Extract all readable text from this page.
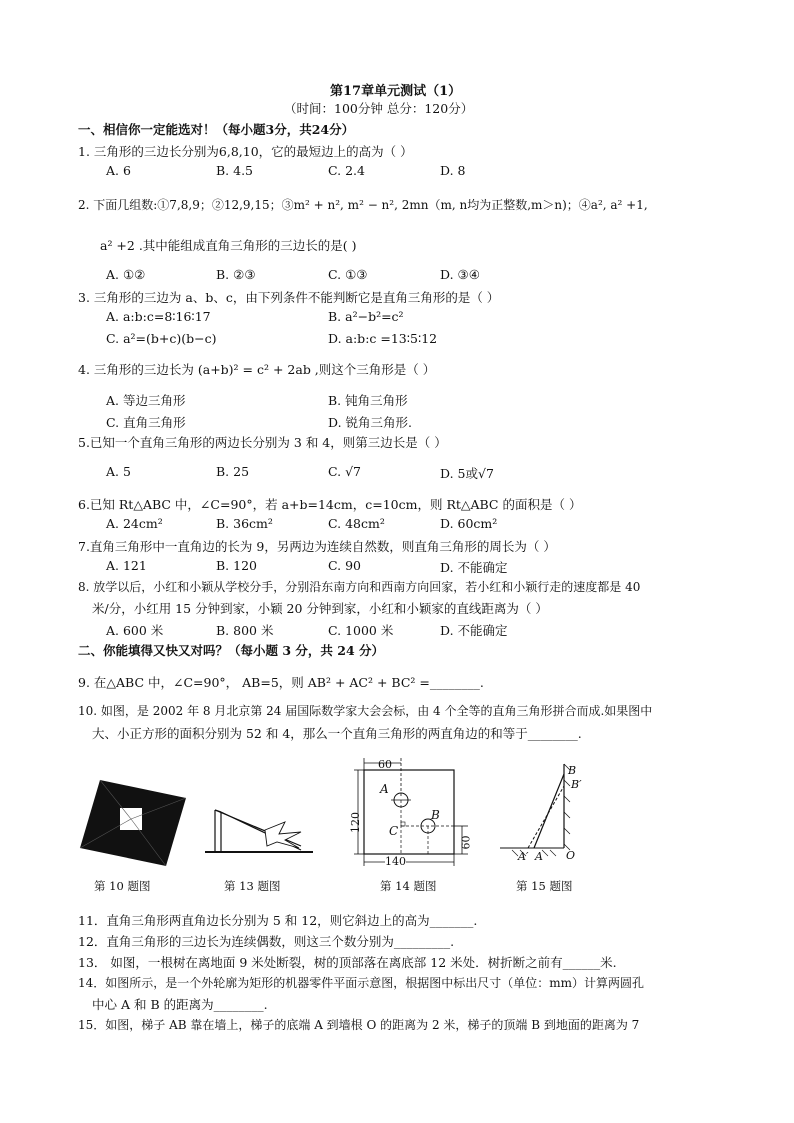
第17章单元测试（1）
（时间：100分钟 总分：120分）
一、相信你一定能选对！（每小题3分，共24分）
1. 三角形的三边长分别为6,8,10，它的最短边上的高为（ ）
A. 6	B. 4.5	C. 2.4	D. 8
2. 下面几组数:①7,8,9；②12,9,15；③m² + n², m² − n², 2mn（m, n均为正整数,m＞n)；④a², a² +1,
a² +2 .其中能组成直角三角形的三边长的是( )
A. ①②	B. ②③	C. ①③	D. ③④
3. 三角形的三边为 a、b、c，由下列条件不能判断它是直角三角形的是（ ）
A. a:b:c=8∶16∶17	B. a²−b²=c²
C. a²=(b+c)(b−c)	D. a:b:c =13∶5∶12
4. 三角形的三边长为 (a+b)² = c² + 2ab ,则这个三角形是（ ）
A. 等边三角形	B. 钝角三角形
C. 直角三角形	D. 锐角三角形.
5.已知一个直角三角形的两边长分别为 3 和 4，则第三边长是（ ）
A. 5	B. 25	C. √7	D. 5或√7
6.已知 Rt△ABC 中，∠C=90°，若 a+b=14cm，c=10cm，则 Rt△ABC 的面积是（ ）
A. 24cm²	B. 36cm²	C. 48cm²	D. 60cm²
7.直角三角形中一直角边的长为 9，另两边为连续自然数，则直角三角形的周长为（ ）
A. 121	B. 120	C. 90	D. 不能确定
8. 放学以后，小红和小颖从学校分手，分别沿东南方向和西南方向回家，若小红和小颖行走的速度都是 40
米/分，小红用 15 分钟到家，小颖 20 分钟到家，小红和小颖家的直线距离为（ ）
A. 600 米	B. 800 米	C. 1000 米	D. 不能确定
二、你能填得又快又对吗？（每小题 3 分，共 24 分）
9. 在△ABC 中，∠C=90°， AB=5，则 AB² + AC² + BC² =________.
10. 如图，是 2002 年 8 月北京第 24 届国际数学家大会会标，由 4 个全等的直角三角形拼合而成.如果图中
大、小正方形的面积分别为 52 和 4，那么一个直角三角形的两直角边的和等于________.
第 10 题图	第 13 题图
60
120
140
60
A
B
C
第 14 题图
B
B′
A′ A O
第 15 题图
11．直角三角形两直角边长分别为 5 和 12，则它斜边上的高为_______.
12．直角三角形的三边长为连续偶数，则这三个数分别为_________.
13． 如图，一根树在离地面 9 米处断裂，树的顶部落在离底部 12 米处．树折断之前有______米.
14．如图所示，是一个外轮廓为矩形的机器零件平面示意图，根据图中标出尺寸（单位：mm）计算两圆孔
中心 A 和 B 的距离为________.
15．如图，梯子 AB 靠在墙上，梯子的底端 A 到墙根 O 的距离为 2 米，梯子的顶端 B 到地面的距离为 7
